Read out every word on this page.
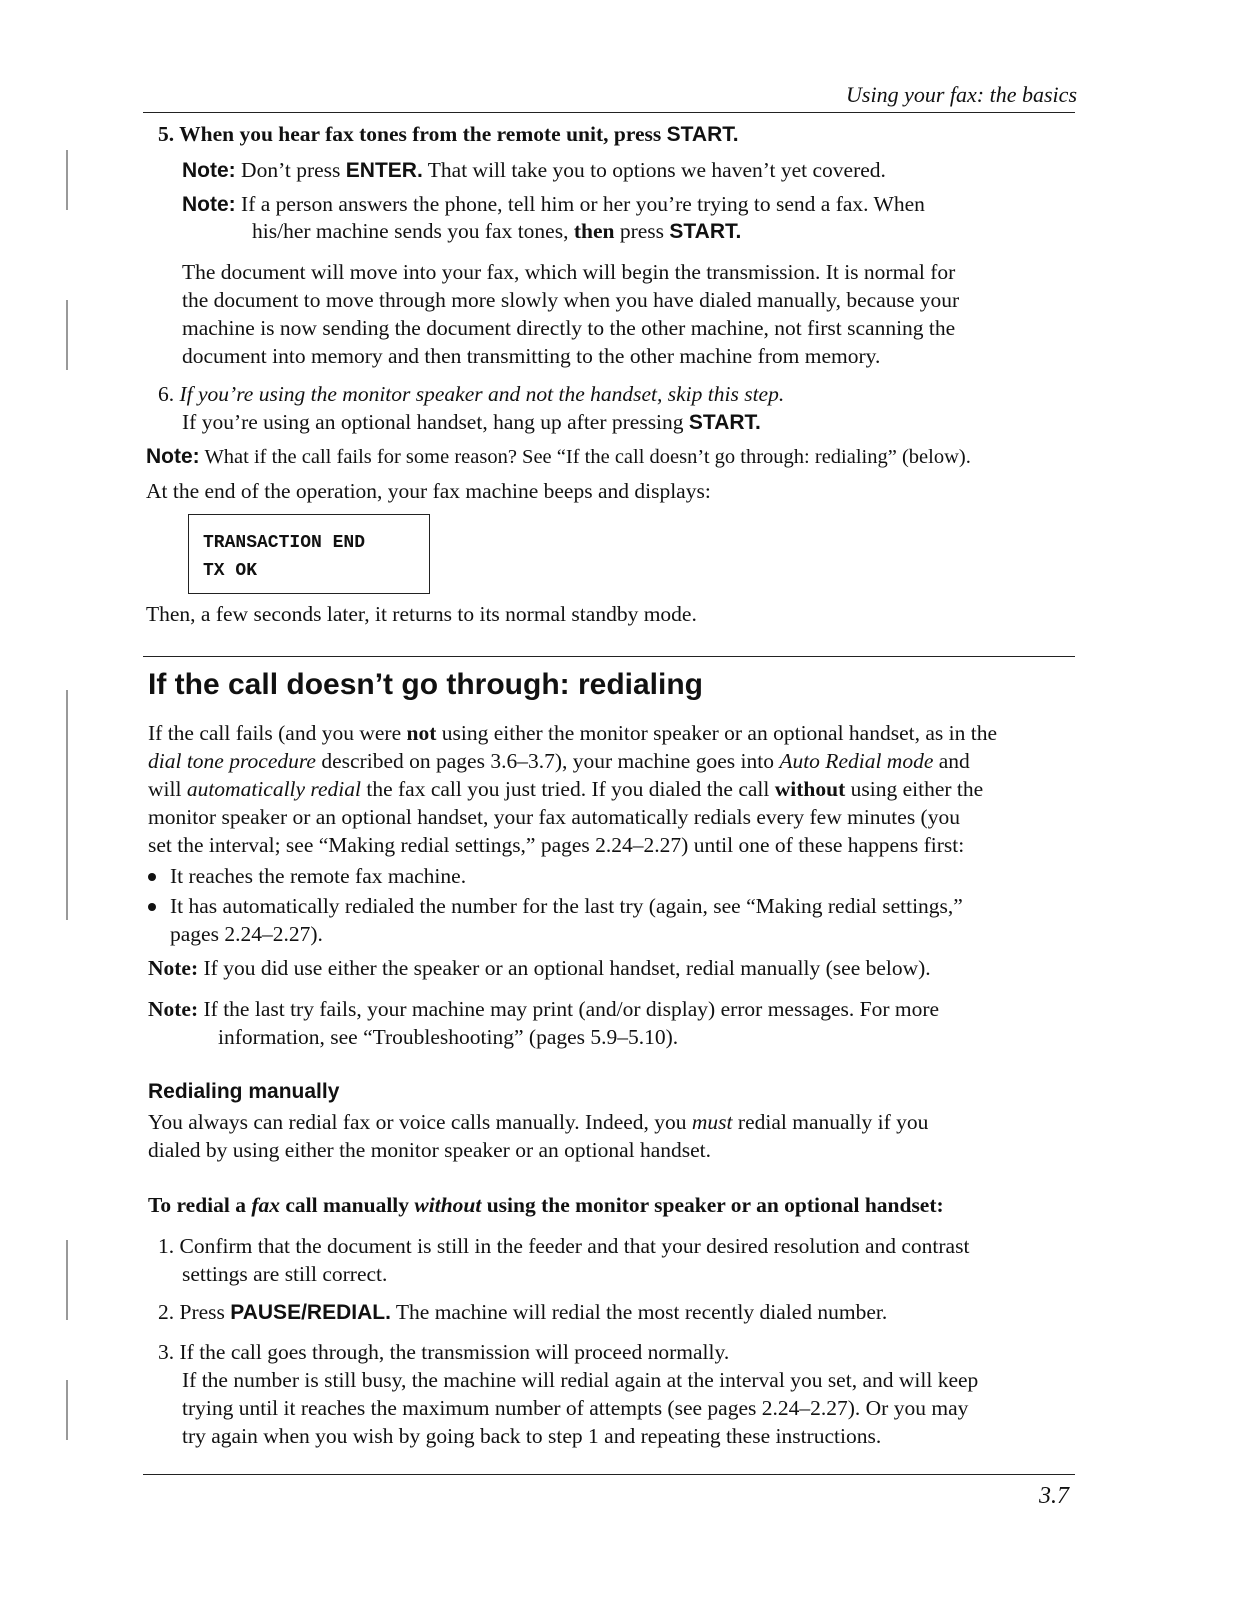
Using your fax: the basics
5. When you hear fax tones from the remote unit, press START.
Note: Don’t press ENTER. That will take you to options we haven’t yet covered.
Note: If a person answers the phone, tell him or her you’re trying to send a fax. When
his/her machine sends you fax tones, then press START.
The document will move into your fax, which will begin the transmission. It is normal for
the document to move through more slowly when you have dialed manually, because your
machine is now sending the document directly to the other machine, not first scanning the
document into memory and then transmitting to the other machine from memory.
6. If you’re using the monitor speaker and not the handset, skip this step.
If you’re using an optional handset, hang up after pressing START.
Note: What if the call fails for some reason? See “If the call doesn’t go through: redialing” (below).
At the end of the operation, your fax machine beeps and displays:
TRANSACTION END
TX OK
Then, a few seconds later, it returns to its normal standby mode.
If the call doesn’t go through: redialing
If the call fails (and you were not using either the monitor speaker or an optional handset, as in the
dial tone procedure described on pages 3.6–3.7), your machine goes into Auto Redial mode and
will automatically redial the fax call you just tried. If you dialed the call without using either the
monitor speaker or an optional handset, your fax automatically redials every few minutes (you
set the interval; see “Making redial settings,” pages 2.24–2.27) until one of these happens first:
It reaches the remote fax machine.
It has automatically redialed the number for the last try (again, see “Making redial settings,”
pages 2.24–2.27).
Note: If you did use either the speaker or an optional handset, redial manually (see below).
Note: If the last try fails, your machine may print (and/or display) error messages. For more
information, see “Troubleshooting” (pages 5.9–5.10).
Redialing manually
You always can redial fax or voice calls manually. Indeed, you must redial manually if you
dialed by using either the monitor speaker or an optional handset.
To redial a fax call manually without using the monitor speaker or an optional handset:
1. Confirm that the document is still in the feeder and that your desired resolution and contrast
settings are still correct.
2. Press PAUSE/REDIAL. The machine will redial the most recently dialed number.
3. If the call goes through, the transmission will proceed normally.
If the number is still busy, the machine will redial again at the interval you set, and will keep
trying until it reaches the maximum number of attempts (see pages 2.24–2.27). Or you may
try again when you wish by going back to step 1 and repeating these instructions.
3.7
